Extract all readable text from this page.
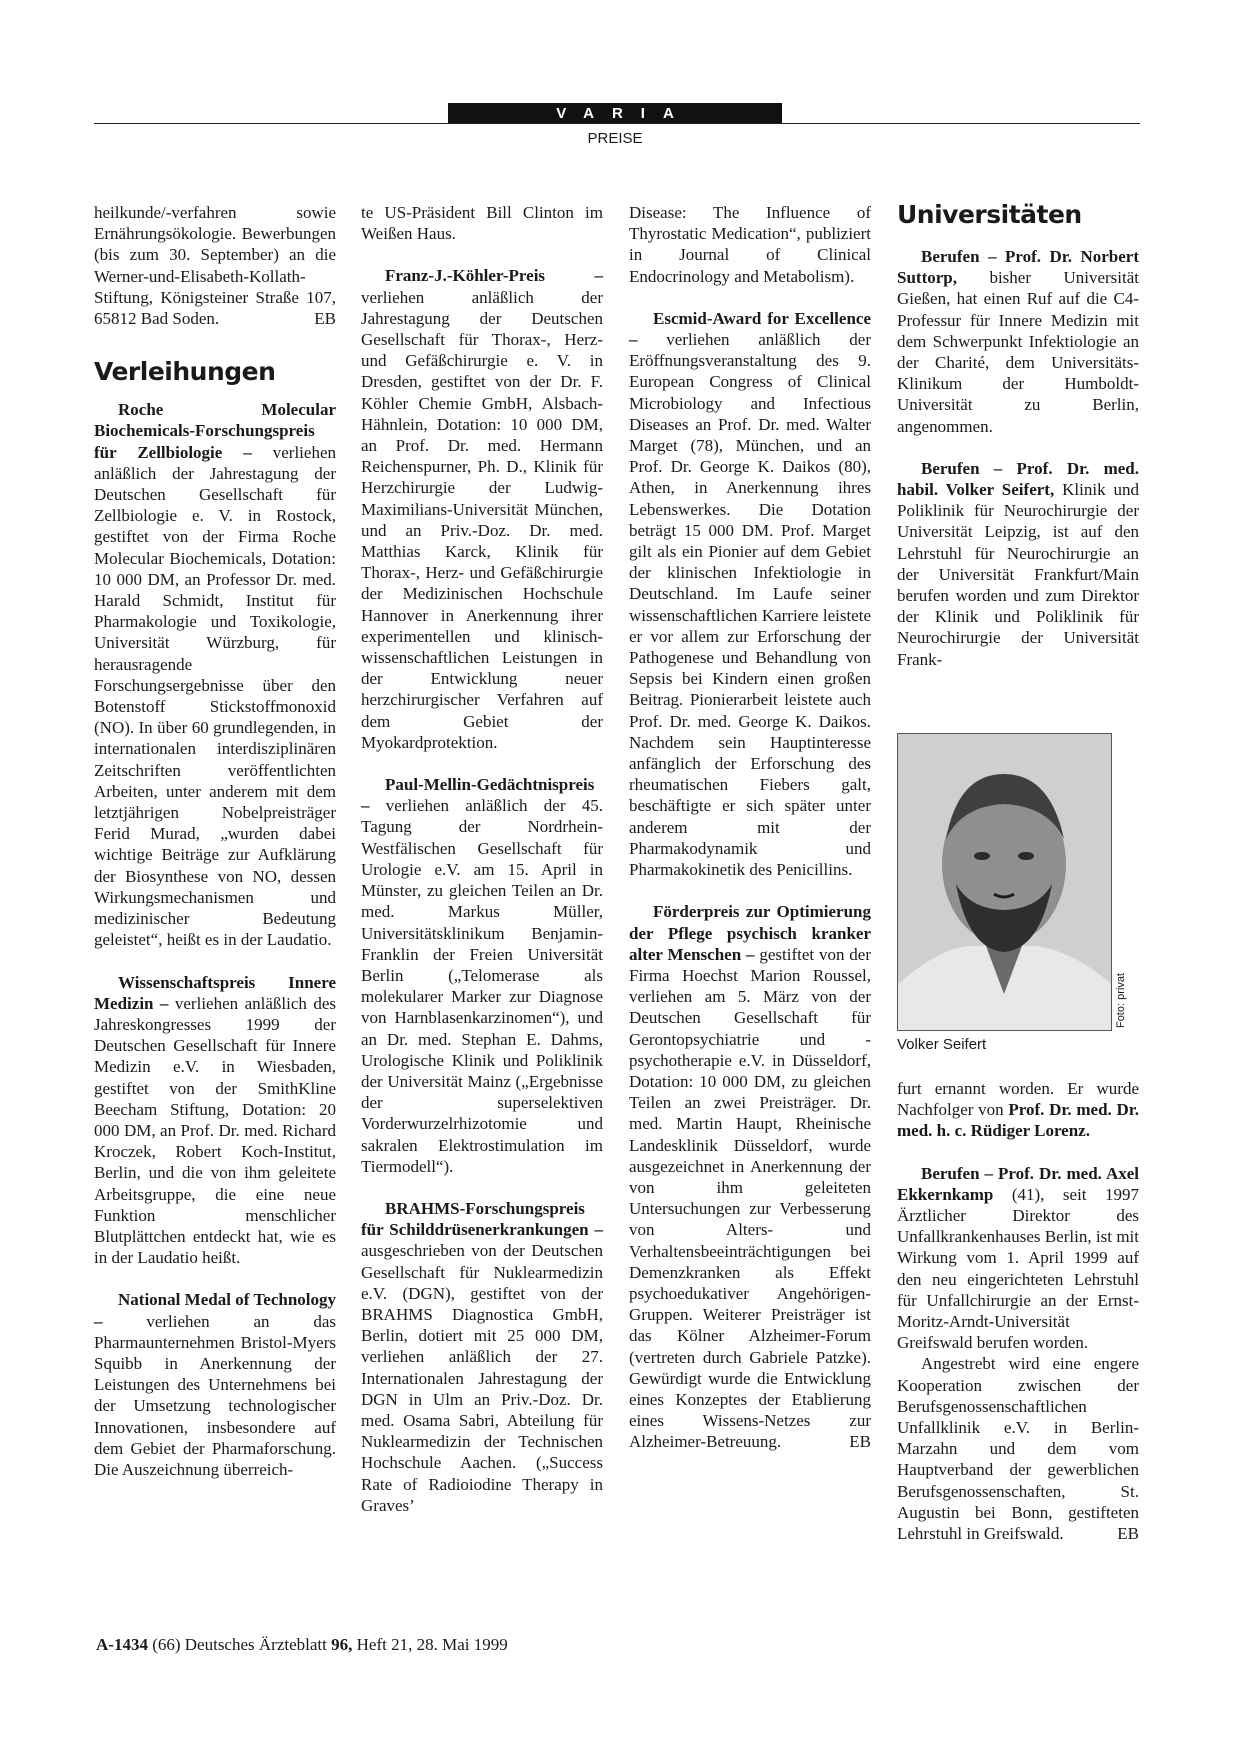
VARIA
PREISE

heilkunde/-verfahren sowie Ernährungsökologie. Bewerbungen (bis zum 30. September) an die Werner-und-Elisabeth-Kollath-Stiftung, Königsteiner Straße 107, 65812 Bad Soden.	EB

Verleihungen

Roche Molecular Biochemicals-Forschungspreis für Zellbiologie – verliehen anläßlich der Jahrestagung der Deutschen Gesellschaft für Zellbiologie e. V. in Rostock, gestiftet von der Firma Roche Molecular Biochemicals, Dotation: 10 000 DM, an Professor Dr. med. Harald Schmidt, Institut für Pharmakologie und Toxikologie, Universität Würzburg, für herausragende Forschungsergebnisse über den Botenstoff Stickstoffmonoxid (NO). In über 60 grundlegenden, in internationalen interdisziplinären Zeitschriften veröffentlichten Arbeiten, unter anderem mit dem letztjährigen Nobelpreisträger Ferid Murad, „wurden dabei wichtige Beiträge zur Aufklärung der Biosynthese von NO, dessen Wirkungsmechanismen und medizinischer Bedeutung geleistet“, heißt es in der Laudatio.

Wissenschaftspreis Innere Medizin – verliehen anläßlich des Jahreskongresses 1999 der Deutschen Gesellschaft für Innere Medizin e.V. in Wiesbaden, gestiftet von der SmithKline Beecham Stiftung, Dotation: 20 000 DM, an Prof. Dr. med. Richard Kroczek, Robert Koch-Institut, Berlin, und die von ihm geleitete Arbeitsgruppe, die eine neue Funktion menschlicher Blutplättchen entdeckt hat, wie es in der Laudatio heißt.

National Medal of Technology – verliehen an das Pharmaunternehmen Bristol-Myers Squibb in Anerkennung der Leistungen des Unternehmens bei der Umsetzung technologischer Innovationen, insbesondere auf dem Gebiet der Pharmaforschung. Die Auszeichnung überreich-

te US-Präsident Bill Clinton im Weißen Haus.

Franz-J.-Köhler-Preis – verliehen anläßlich der Jahrestagung der Deutschen Gesellschaft für Thorax-, Herz- und Gefäßchirurgie e. V. in Dresden, gestiftet von der Dr. F. Köhler Chemie GmbH, Alsbach-Hähnlein, Dotation: 10 000 DM, an Prof. Dr. med. Hermann Reichenspurner, Ph. D., Klinik für Herzchirurgie der Ludwig-Maximilians-Universität München, und an Priv.-Doz. Dr. med. Matthias Karck, Klinik für Thorax-, Herz- und Gefäßchirurgie der Medizinischen Hochschule Hannover in Anerkennung ihrer experimentellen und klinisch-wissenschaftlichen Leistungen in der Entwicklung neuer herzchirurgischer Verfahren auf dem Gebiet der Myokardprotektion.

Paul-Mellin-Gedächtnispreis – verliehen anläßlich der 45. Tagung der Nordrhein-Westfälischen Gesellschaft für Urologie e.V. am 15. April in Münster, zu gleichen Teilen an Dr. med. Markus Müller, Universitätsklinikum Benjamin-Franklin der Freien Universität Berlin („Telomerase als molekularer Marker zur Diagnose von Harnblasenkarzinomen“), und an Dr. med. Stephan E. Dahms, Urologische Klinik und Poliklinik der Universität Mainz („Ergebnisse der superselektiven Vorderwurzelrhizotomie und sakralen Elektrostimulation im Tiermodell“).

BRAHMS-Forschungspreis für Schilddrüsenerkrankungen – ausgeschrieben von der Deutschen Gesellschaft für Nuklearmedizin e.V. (DGN), gestiftet von der BRAHMS Diagnostica GmbH, Berlin, dotiert mit 25 000 DM, verliehen anläßlich der 27. Internationalen Jahrestagung der DGN in Ulm an Priv.-Doz. Dr. med. Osama Sabri, Abteilung für Nuklearmedizin der Technischen Hochschule Aachen. („Success Rate of Radioiodine Therapy in Graves’

Disease: The Influence of Thyrostatic Medication“, publiziert in Journal of Clinical Endocrinology and Metabolism).

Escmid-Award for Excellence – verliehen anläßlich der Eröffnungsveranstaltung des 9. European Congress of Clinical Microbiology and Infectious Diseases an Prof. Dr. med. Walter Marget (78), München, und an Prof. Dr. George K. Daikos (80), Athen, in Anerkennung ihres Lebenswerkes. Die Dotation beträgt 15 000 DM. Prof. Marget gilt als ein Pionier auf dem Gebiet der klinischen Infektiologie in Deutschland. Im Laufe seiner wissenschaftlichen Karriere leistete er vor allem zur Erforschung der Pathogenese und Behandlung von Sepsis bei Kindern einen großen Beitrag. Pionierarbeit leistete auch Prof. Dr. med. George K. Daikos. Nachdem sein Hauptinteresse anfänglich der Erforschung des rheumatischen Fiebers galt, beschäftigte er sich später unter anderem mit der Pharmakodynamik und Pharmakokinetik des Penicillins.

Förderpreis zur Optimierung der Pflege psychisch kranker alter Menschen – gestiftet von der Firma Hoechst Marion Roussel, verliehen am 5. März von der Deutschen Gesellschaft für Gerontopsychiatrie und -psychotherapie e.V. in Düsseldorf, Dotation: 10 000 DM, zu gleichen Teilen an zwei Preisträger. Dr. med. Martin Haupt, Rheinische Landesklinik Düsseldorf, wurde ausgezeichnet in Anerkennung der von ihm geleiteten Untersuchungen zur Verbesserung von Alters- und Verhaltensbeeinträchtigungen bei Demenzkranken als Effekt psychoedukativer Angehörigen-Gruppen. Weiterer Preisträger ist das Kölner Alzheimer-Forum (vertreten durch Gabriele Patzke). Gewürdigt wurde die Entwicklung eines Konzeptes der Etablierung eines Wissens-Netzes zur Alzheimer-Betreuung.	EB

Universitäten

Berufen – Prof. Dr. Norbert Suttorp, bisher Universität Gießen, hat einen Ruf auf die C4-Professur für Innere Medizin mit dem Schwerpunkt Infektiologie an der Charité, dem Universitäts-Klinikum der Humboldt-Universität zu Berlin, angenommen.

Berufen – Prof. Dr. med. habil. Volker Seifert, Klinik und Poliklinik für Neurochirurgie der Universität Leipzig, ist auf den Lehrstuhl für Neurochirurgie an der Universität Frankfurt/Main berufen worden und zum Direktor der Klinik und Poliklinik für Neurochirurgie der Universität Frank-

Foto: privat
Volker Seifert

furt ernannt worden. Er wurde Nachfolger von Prof. Dr. med. Dr. med. h. c. Rüdiger Lorenz.

Berufen – Prof. Dr. med. Axel Ekkernkamp (41), seit 1997 Ärztlicher Direktor des Unfallkrankenhauses Berlin, ist mit Wirkung vom 1. April 1999 auf den neu eingerichteten Lehrstuhl für Unfallchirurgie an der Ernst-Moritz-Arndt-Universität Greifswald berufen worden.

Angestrebt wird eine engere Kooperation zwischen der Berufsgenossenschaftlichen Unfallklinik e.V. in Berlin-Marzahn und dem vom Hauptverband der gewerblichen Berufsgenossenschaften, St. Augustin bei Bonn, gestifteten Lehrstuhl in Greifswald.	EB

A-1434 (66) Deutsches Ärzteblatt 96, Heft 21, 28. Mai 1999
